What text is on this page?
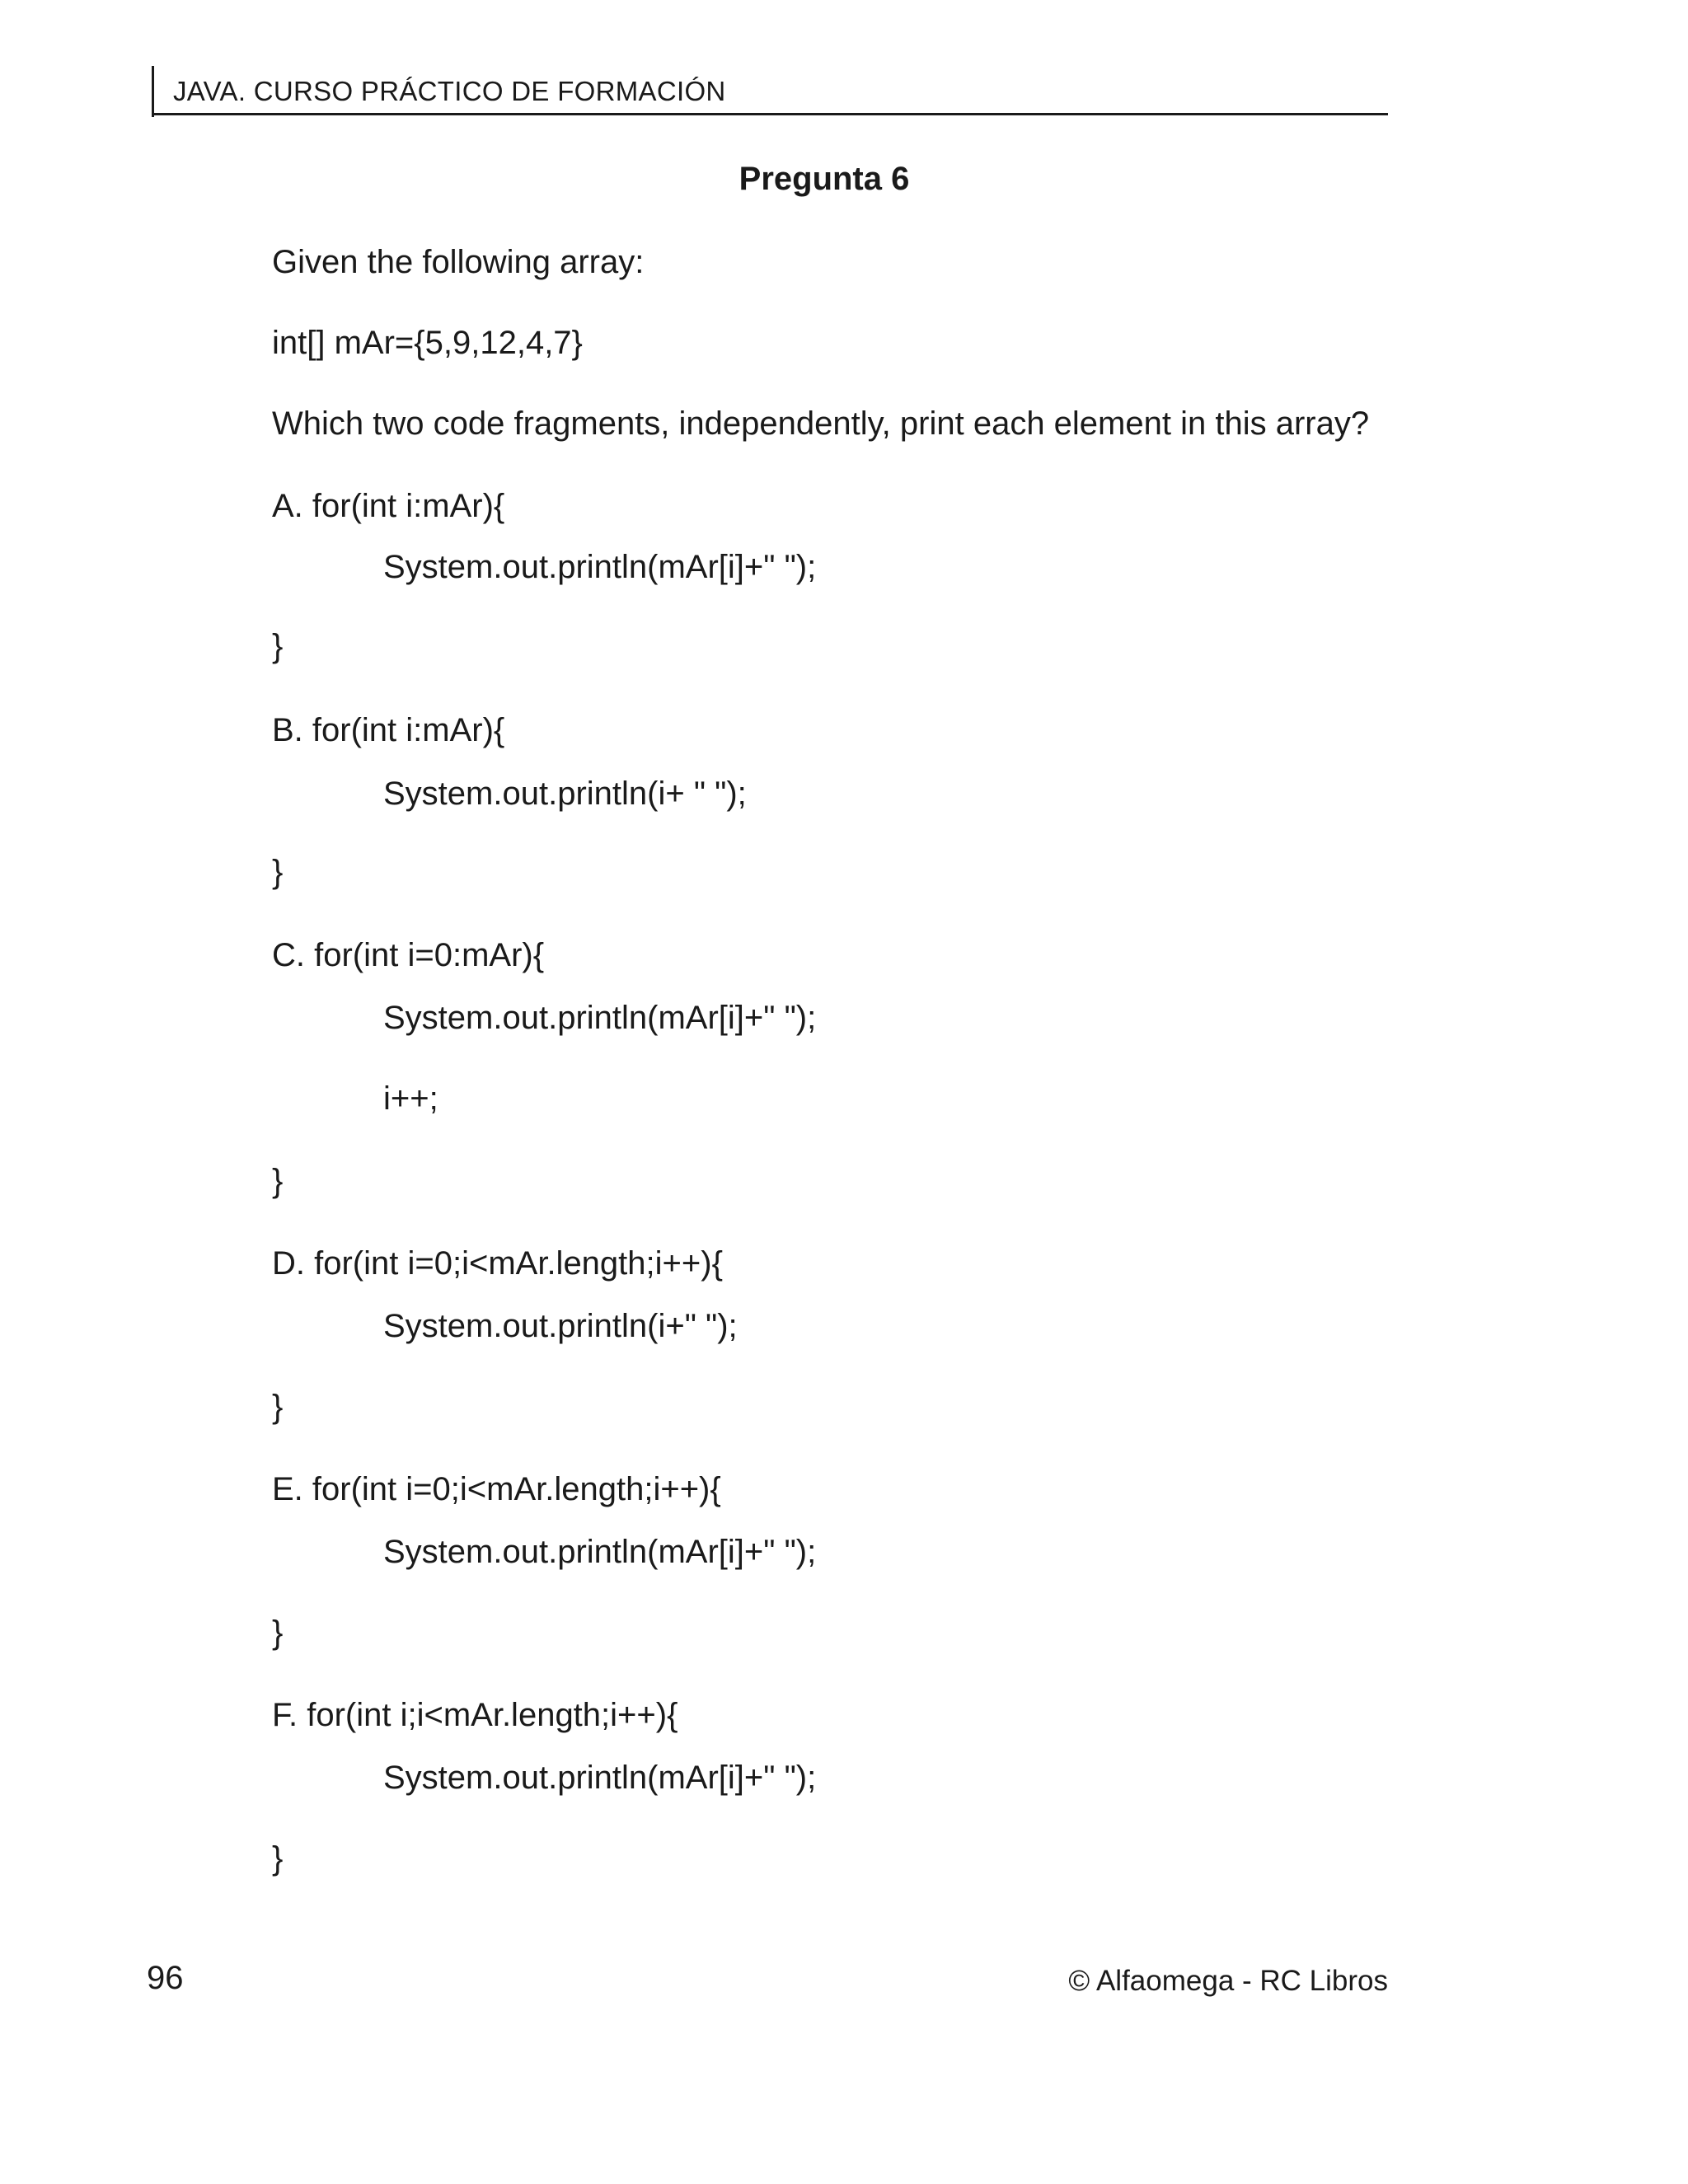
JAVA. CURSO PRÁCTICO DE FORMACIÓN
Pregunta 6
Given the following array:
int[] mAr={5,9,12,4,7}
Which two code fragments, independently, print each element in this array?
A. for(int i:mAr){
System.out.println(mAr[i]+" ");
}
B. for(int i:mAr){
System.out.println(i+ " ");
}
C. for(int i=0:mAr){
System.out.println(mAr[i]+" ");
i++;
}
D. for(int i=0;i<mAr.length;i++){
System.out.println(i+" ");
}
E. for(int i=0;i<mAr.length;i++){
System.out.println(mAr[i]+" ");
}
F. for(int i;i<mAr.length;i++){
System.out.println(mAr[i]+" ");
}
96	© Alfaomega - RC Libros
